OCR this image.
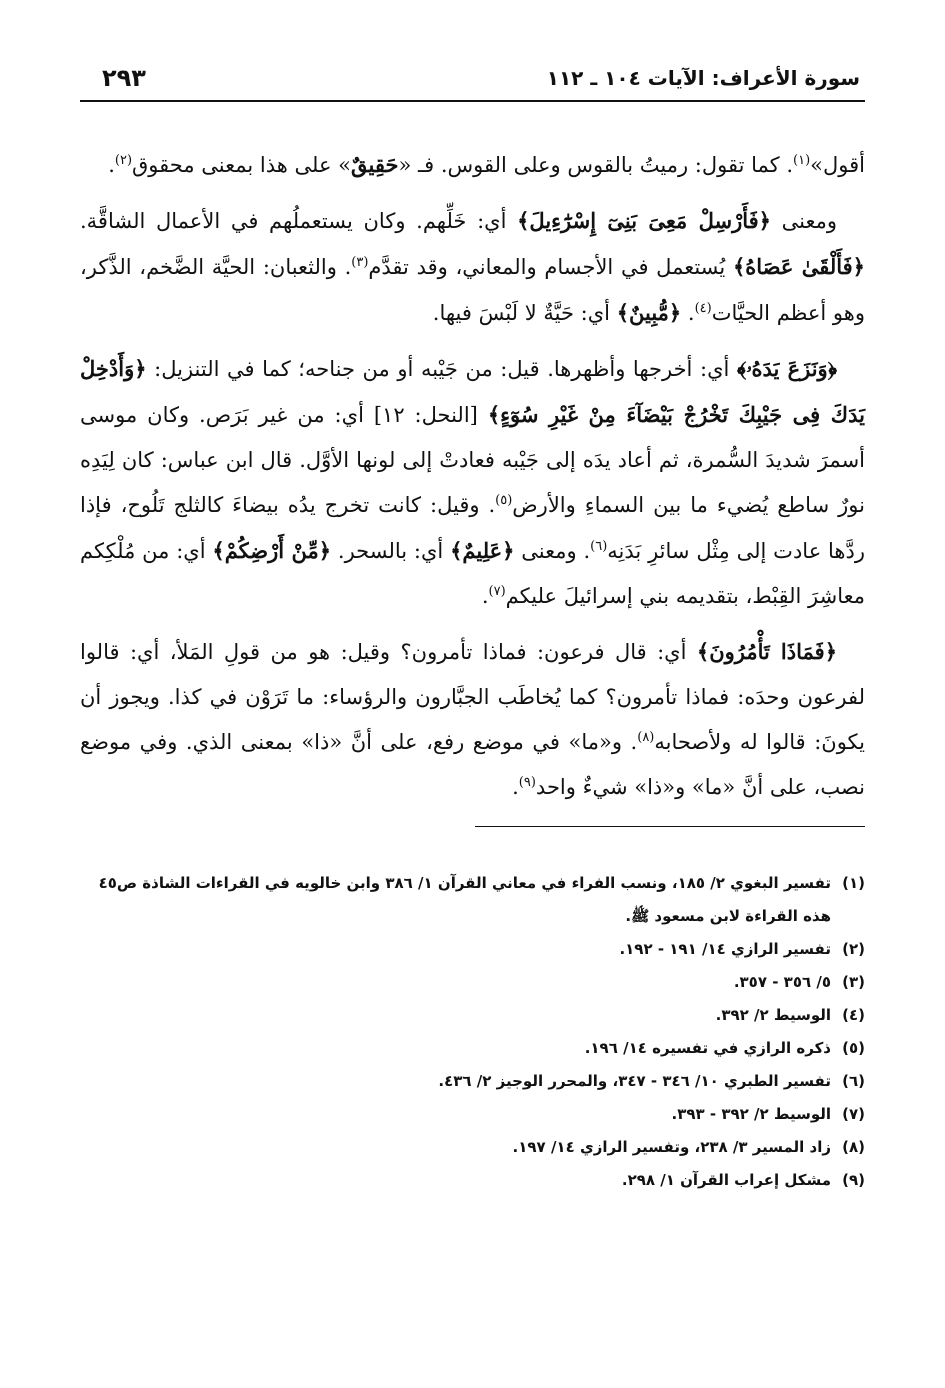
سورة الأعراف: الآيات ١٠٤ ـ ١١٢
٢٩٣

أقول»$^{(١)}$. كما تقول: رميتُ بالقوس وعلى القوس. فـ «حَقِيقٌ» على هذا بمعنى محقوق$^{(٢)}$.

ومعنى ﴿فَأَرْسِلْ مَعِىَ بَنِىٓ إِسْرَٰٓءِيلَ﴾ أي: خَلِّهم. وكان يستعملُهم في الأعمال الشاقَّة. ﴿فَأَلْقَىٰ عَصَاهُ﴾ يُستعمل في الأجسام والمعاني، وقد تقدَّم$^{(٣)}$. والثعبان: الحيَّة الضَّخم، الذَّكر، وهو أعظم الحيَّات$^{(٤)}$. ﴿مُّبِينٌ﴾ أي: حَيَّةٌ لا لَبْسَ فيها.

﴿وَنَزَعَ يَدَهُۥ﴾ أي: أخرجها وأظهرها. قيل: من جَيْبه أو من جناحه؛ كما في التنزيل: ﴿وَأَدْخِلْ يَدَكَ فِى جَيْبِكَ تَخْرُجْ بَيْضَآءَ مِنْ غَيْرِ سُوٓءٍ﴾ [النحل: ١٢] أي: من غير بَرَص. وكان موسى أسمرَ شديدَ السُّمرة، ثم أعاد يدَه إلى جَيْبه فعادتْ إلى لونها الأوَّل. قال ابن عباس: كان لِيَدِه نورٌ ساطع يُضيء ما بين السماءِ والأرض$^{(٥)}$. وقيل: كانت تخرج يدُه بيضاءَ كالثلج تَلُوح، فإذا ردَّها عادت إلى مِثْل سائرِ بَدَنِه$^{(٦)}$. ومعنى ﴿عَلِيمٌ﴾ أي: بالسحر. ﴿مِّنْ أَرْضِكُمْ﴾ أي: من مُلْكِكم معاشِرَ القِبْط، بتقديمه بني إسرائيلَ عليكم$^{(٧)}$.

﴿فَمَاذَا تَأْمُرُونَ﴾ أي: قال فرعون: فماذا تأمرون؟ وقيل: هو من قولِ المَلأ، أي: قالوا لفرعون وحدَه: فماذا تأمرون؟ كما يُخاطَب الجبَّارون والرؤساء: ما تَرَوْن في كذا. ويجوز أن يكونَ: قالوا له ولأصحابه$^{(٨)}$. و«ما» في موضع رفع، على أنَّ «ذا» بمعنى الذي. وفي موضع نصب، على أنَّ «ما» و«ذا» شيءٌ واحد$^{(٩)}$.

(١)
تفسير البغوي ٢/ ١٨٥، ونسب الفراء في معاني القرآن ١/ ٣٨٦ وابن خالويه في القراءات الشاذة ص٤٥ هذه القراءة لابن مسعود ﷺ.
(٢)
تفسير الرازي ١٤/ ١٩١ - ١٩٢.
(٣)
٥/ ٣٥٦ - ٣٥٧.
(٤)
الوسيط ٢/ ٣٩٢.
(٥)
ذكره الرازي في تفسيره ١٤/ ١٩٦.
(٦)
تفسير الطبري ١٠/ ٣٤٦ - ٣٤٧، والمحرر الوجيز ٢/ ٤٣٦.
(٧)
الوسيط ٢/ ٣٩٢ - ٣٩٣.
(٨)
زاد المسير ٣/ ٢٣٨، وتفسير الرازي ١٤/ ١٩٧.
(٩)
مشكل إعراب القرآن ١/ ٢٩٨.
